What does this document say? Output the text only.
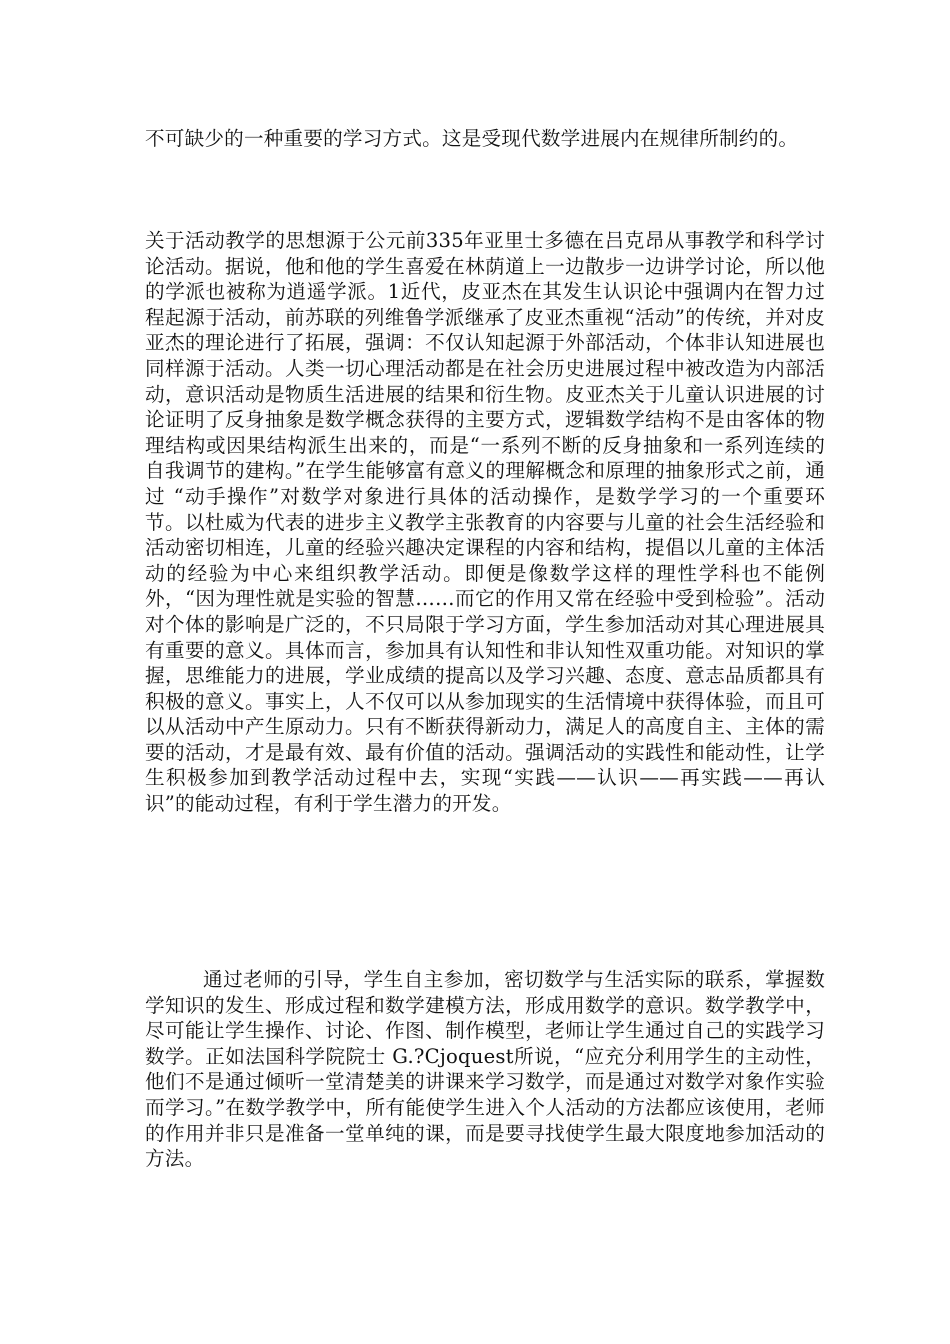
不可缺少的一种重要的学习方式。这是受现代数学进展内在规律所制约的。

关于活动教学的思想源于公元前335年亚里士多德在吕克昂从事教学和科学讨论活动。据说，他和他的学生喜爱在林荫道上一边散步一边讲学讨论，所以他的学派也被称为逍遥学派。1近代，皮亚杰在其发生认识论中强调内在智力过程起源于活动，前苏联的列维鲁学派继承了皮亚杰重视“活动”的传统，并对皮亚杰的理论进行了拓展，强调：不仅认知起源于外部活动，个体非认知进展也同样源于活动。人类一切心理活动都是在社会历史进展过程中被改造为内部活动，意识活动是物质生活进展的结果和衍生物。皮亚杰关于儿童认识进展的讨论证明了反身抽象是数学概念获得的主要方式，逻辑数学结构不是由客体的物理结构或因果结构派生出来的，而是“一系列不断的反身抽象和一系列连续的自我调节的建构。”在学生能够富有意义的理解概念和原理的抽象形式之前，通过 “动手操作”对数学对象进行具体的活动操作，是数学学习的一个重要环节。以杜威为代表的进步主义教学主张教育的内容要与儿童的社会生活经验和活动密切相连，儿童的经验兴趣决定课程的内容和结构，提倡以儿童的主体活动的经验为中心来组织教学活动。即便是像数学这样的理性学科也不能例外，“因为理性就是实验的智慧……而它的作用又常在经验中受到检验”。活动对个体的影响是广泛的，不只局限于学习方面，学生参加活动对其心理进展具有重要的意义。具体而言，参加具有认知性和非认知性双重功能。对知识的掌握，思维能力的进展，学业成绩的提高以及学习兴趣、态度、意志品质都具有积极的意义。事实上，人不仅可以从参加现实的生活情境中获得体验，而且可以从活动中产生原动力。只有不断获得新动力，满足人的高度自主、主体的需要的活动，才是最有效、最有价值的活动。强调活动的实践性和能动性，让学生积极参加到教学活动过程中去，实现“实践——认识——再实践——再认识”的能动过程，有利于学生潜力的开发。

通过老师的引导，学生自主参加，密切数学与生活实际的联系，掌握数学知识的发生、形成过程和数学建模方法，形成用数学的意识。数学教学中，尽可能让学生操作、讨论、作图、制作模型，老师让学生通过自己的实践学习数学。正如法国科学院院士 G.?Cjoquest所说，“应充分利用学生的主动性，他们不是通过倾听一堂清楚美的讲课来学习数学，而是通过对数学对象作实验而学习。”在数学教学中，所有能使学生进入个人活动的方法都应该使用，老师的作用并非只是准备一堂单纯的课，而是要寻找使学生最大限度地参加活动的方法。
